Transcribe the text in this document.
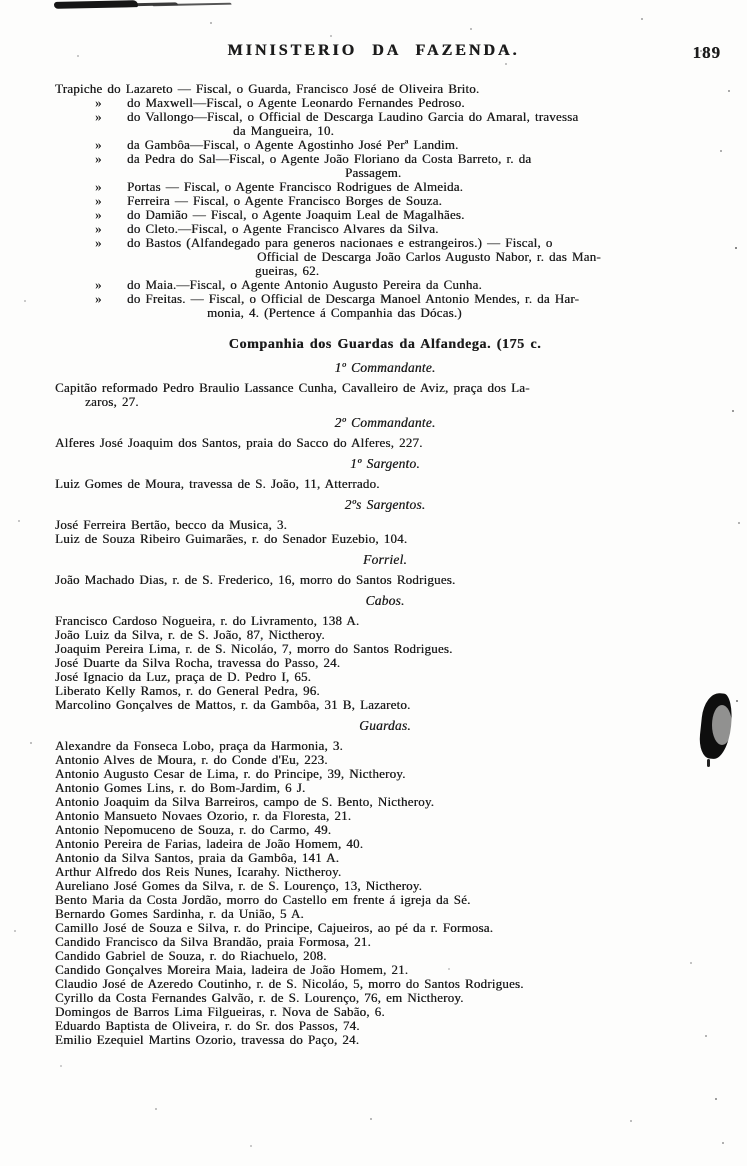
MINISTERIO DA FAZENDA.	189
Trapiche do Lazareto — Fiscal, o Guarda, Francisco José de Oliveira Brito.
» do Maxwell—Fiscal, o Agente Leonardo Fernandes Pedroso.
» do Vallongo—Fiscal, o Official de Descarga Laudino Garcia do Amaral, travessa
da Mangueira, 10.
» da Gambôa—Fiscal, o Agente Agostinho José Perª Landim.
» da Pedra do Sal—Fiscal, o Agente João Floriano da Costa Barreto, r. da
Passagem.
» Portas — Fiscal, o Agente Francisco Rodrigues de Almeida.
» Ferreira — Fiscal, o Agente Francisco Borges de Souza.
» do Damião — Fiscal, o Agente Joaquim Leal de Magalhães.
» do Cleto.—Fiscal, o Agente Francisco Alvares da Silva.
» do Bastos (Alfandegado para generos nacionaes e estrangeiros.) — Fiscal, o
Official de Descarga João Carlos Augusto Nabor, r. das Man-
gueiras, 62.
» do Maia.—Fiscal, o Agente Antonio Augusto Pereira da Cunha.
» do Freitas. — Fiscal, o Official de Descarga Manoel Antonio Mendes, r. da Har-
monia, 4. (Pertence á Companhia das Dócas.)
Companhia dos Guardas da Alfandega. (175 c.
1º Commandante.
Capitão reformado Pedro Braulio Lassance Cunha, Cavalleiro de Aviz, praça dos La-
zaros, 27.
2º Commandante.
Alferes José Joaquim dos Santos, praia do Sacco do Alferes, 227.
1º Sargento.
Luiz Gomes de Moura, travessa de S. João, 11, Atterrado.
2ºs Sargentos.
José Ferreira Bertão, becco da Musica, 3.
Luiz de Souza Ribeiro Guimarães, r. do Senador Euzebio, 104.
Forriel.
João Machado Dias, r. de S. Frederico, 16, morro do Santos Rodrigues.
Cabos.
Francisco Cardoso Nogueira, r. do Livramento, 138 A.
João Luiz da Silva, r. de S. João, 87, Nictheroy.
Joaquim Pereira Lima, r. de S. Nicoláo, 7, morro do Santos Rodrigues.
José Duarte da Silva Rocha, travessa do Passo, 24.
José Ignacio da Luz, praça de D. Pedro I, 65.
Liberato Kelly Ramos, r. do General Pedra, 96.
Marcolino Gonçalves de Mattos, r. da Gambôa, 31 B, Lazareto.
Guardas.
Alexandre da Fonseca Lobo, praça da Harmonia, 3.
Antonio Alves de Moura, r. do Conde d'Eu, 223.
Antonio Augusto Cesar de Lima, r. do Principe, 39, Nictheroy.
Antonio Gomes Lins, r. do Bom-Jardim, 6 J.
Antonio Joaquim da Silva Barreiros, campo de S. Bento, Nictheroy.
Antonio Mansueto Novaes Ozorio, r. da Floresta, 21.
Antonio Nepomuceno de Souza, r. do Carmo, 49.
Antonio Pereira de Farias, ladeira de João Homem, 40.
Antonio da Silva Santos, praia da Gambôa, 141 A.
Arthur Alfredo dos Reis Nunes, Icarahy. Nictheroy.
Aureliano José Gomes da Silva, r. de S. Lourenço, 13, Nictheroy.
Bento Maria da Costa Jordão, morro do Castello em frente á igreja da Sé.
Bernardo Gomes Sardinha, r. da União, 5 A.
Camillo José de Souza e Silva, r. do Principe, Cajueiros, ao pé da r. Formosa.
Candido Francisco da Silva Brandão, praia Formosa, 21.
Candido Gabriel de Souza, r. do Riachuelo, 208.
Candido Gonçalves Moreira Maia, ladeira de João Homem, 21.
Claudio José de Azeredo Coutinho, r. de S. Nicoláo, 5, morro do Santos Rodrigues.
Cyrillo da Costa Fernandes Galvão, r. de S. Lourenço, 76, em Nictheroy.
Domingos de Barros Lima Filgueiras, r. Nova de Sabão, 6.
Eduardo Baptista de Oliveira, r. do Sr. dos Passos, 74.
Emilio Ezequiel Martins Ozorio, travessa do Paço, 24.
